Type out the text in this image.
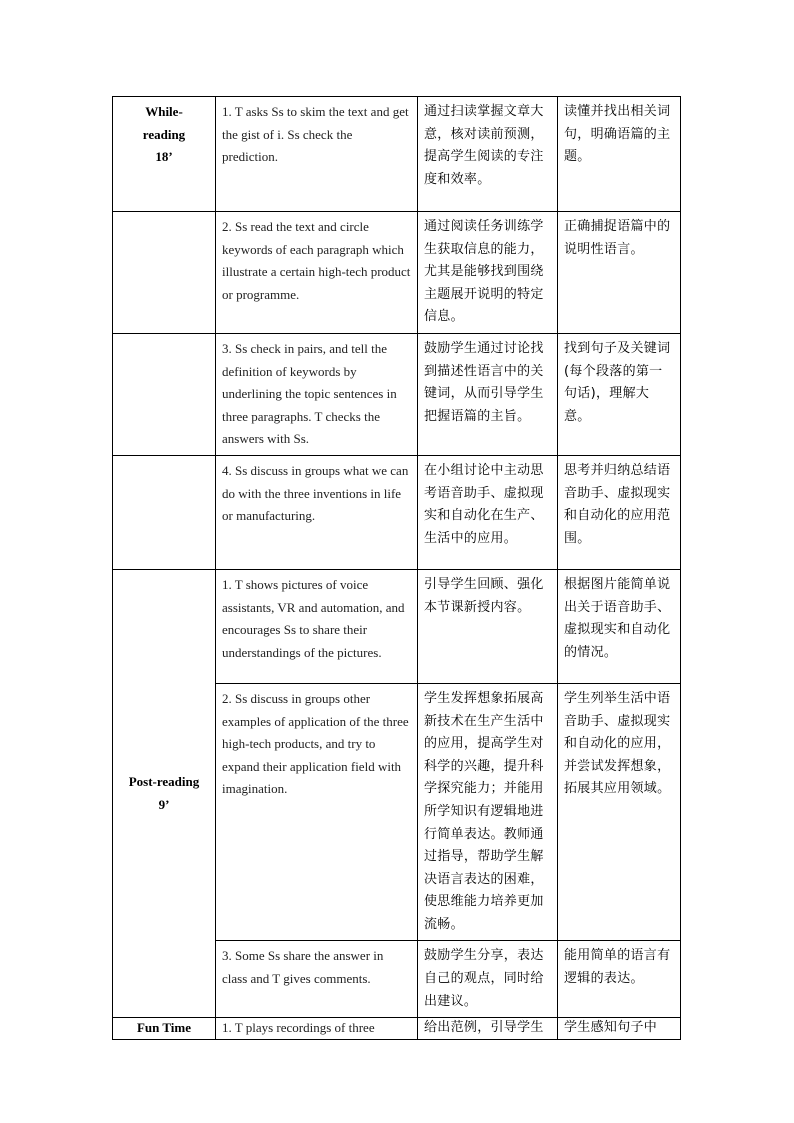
While-
reading
18’	1. T asks Ss to skim the text and get the gist of i. Ss check the prediction.	通过扫读掌握文章大意，核对读前预测，提高学生阅读的专注度和效率。	读懂并找出相关词句，明确语篇的主题。
	2. Ss read the text and circle keywords of each paragraph which illustrate a certain high-tech product or programme.	通过阅读任务训练学生获取信息的能力，尤其是能够找到围绕主题展开说明的特定信息。	正确捕捉语篇中的说明性语言。
	3. Ss check in pairs, and tell the definition of keywords by underlining the topic sentences in three paragraphs. T checks the answers with Ss.	鼓励学生通过讨论找到描述性语言中的关键词，从而引导学生把握语篇的主旨。	找到句子及关键词(每个段落的第一句话)，理解大意。
	4. Ss discuss in groups what we can do with the three inventions in life or manufacturing.	在小组讨论中主动思考语音助手、虚拟现实和自动化在生产、生活中的应用。	思考并归纳总结语音助手、虚拟现实和自动化的应用范围。

Post-reading
9’	1. T shows pictures of voice assistants, VR and automation, and encourages Ss to share their understandings of the pictures.	引导学生回顾、强化本节课新授内容。	根据图片能简单说出关于语音助手、虚拟现实和自动化的情况。
	2. Ss discuss in groups other examples of application of the three high-tech products, and try to expand their application field with imagination.	学生发挥想象拓展高新技术在生产生活中的应用，提高学生对科学的兴趣，提升科学探究能力；并能用所学知识有逻辑地进行简单表达。教师通过指导，帮助学生解决语言表达的困难，使思维能力培养更加流畅。	学生列举生活中语音助手、虚拟现实和自动化的应用，并尝试发挥想象，拓展其应用领域。
	3. Some Ss share the answer in class and T gives comments.	鼓励学生分享，表达自己的观点，同时给出建议。	能用简单的语言有逻辑的表达。

Fun Time	1. T plays recordings of three	给出范例，引导学生	学生感知句子中
